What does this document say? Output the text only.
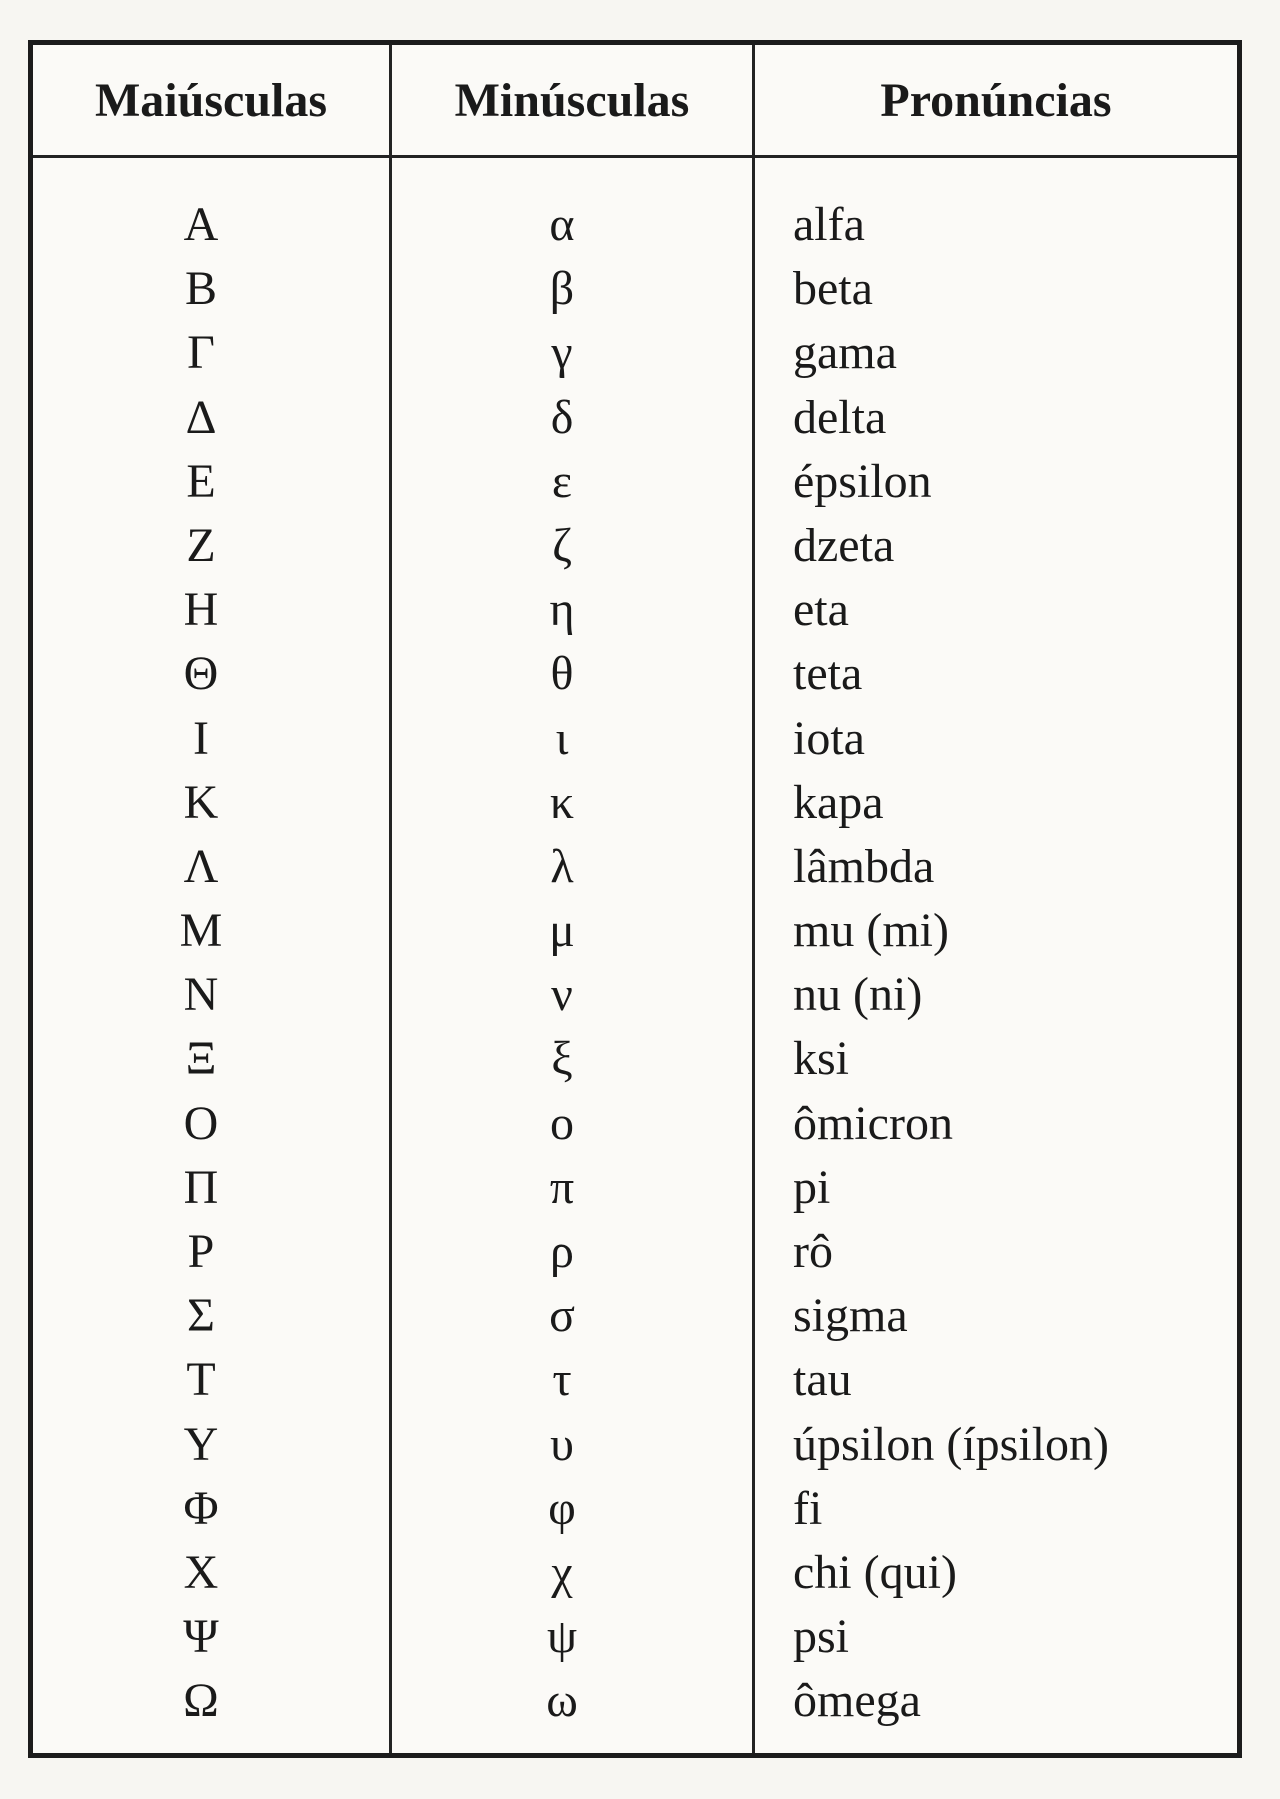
Maiúsculas	Minúsculas	Pronúncias
Α
Β
Γ
Δ
Ε
Ζ
Η
Θ
Ι
Κ
Λ
Μ
Ν
Ξ
Ο
Π
Ρ
Σ
Τ
Υ
Φ
Χ
Ψ
Ω
α
β
γ
δ
ε
ζ
η
θ
ι
κ
λ
μ
ν
ξ
ο
π
ρ
σ
τ
υ
φ
χ
ψ
ω
alfa
beta
gama
delta
épsilon
dzeta
eta
teta
iota
kapa
lâmbda
mu (mi)
nu (ni)
ksi
ômicron
pi
rô
sigma
tau
úpsilon (ípsilon)
fi
chi (qui)
psi
ômega
